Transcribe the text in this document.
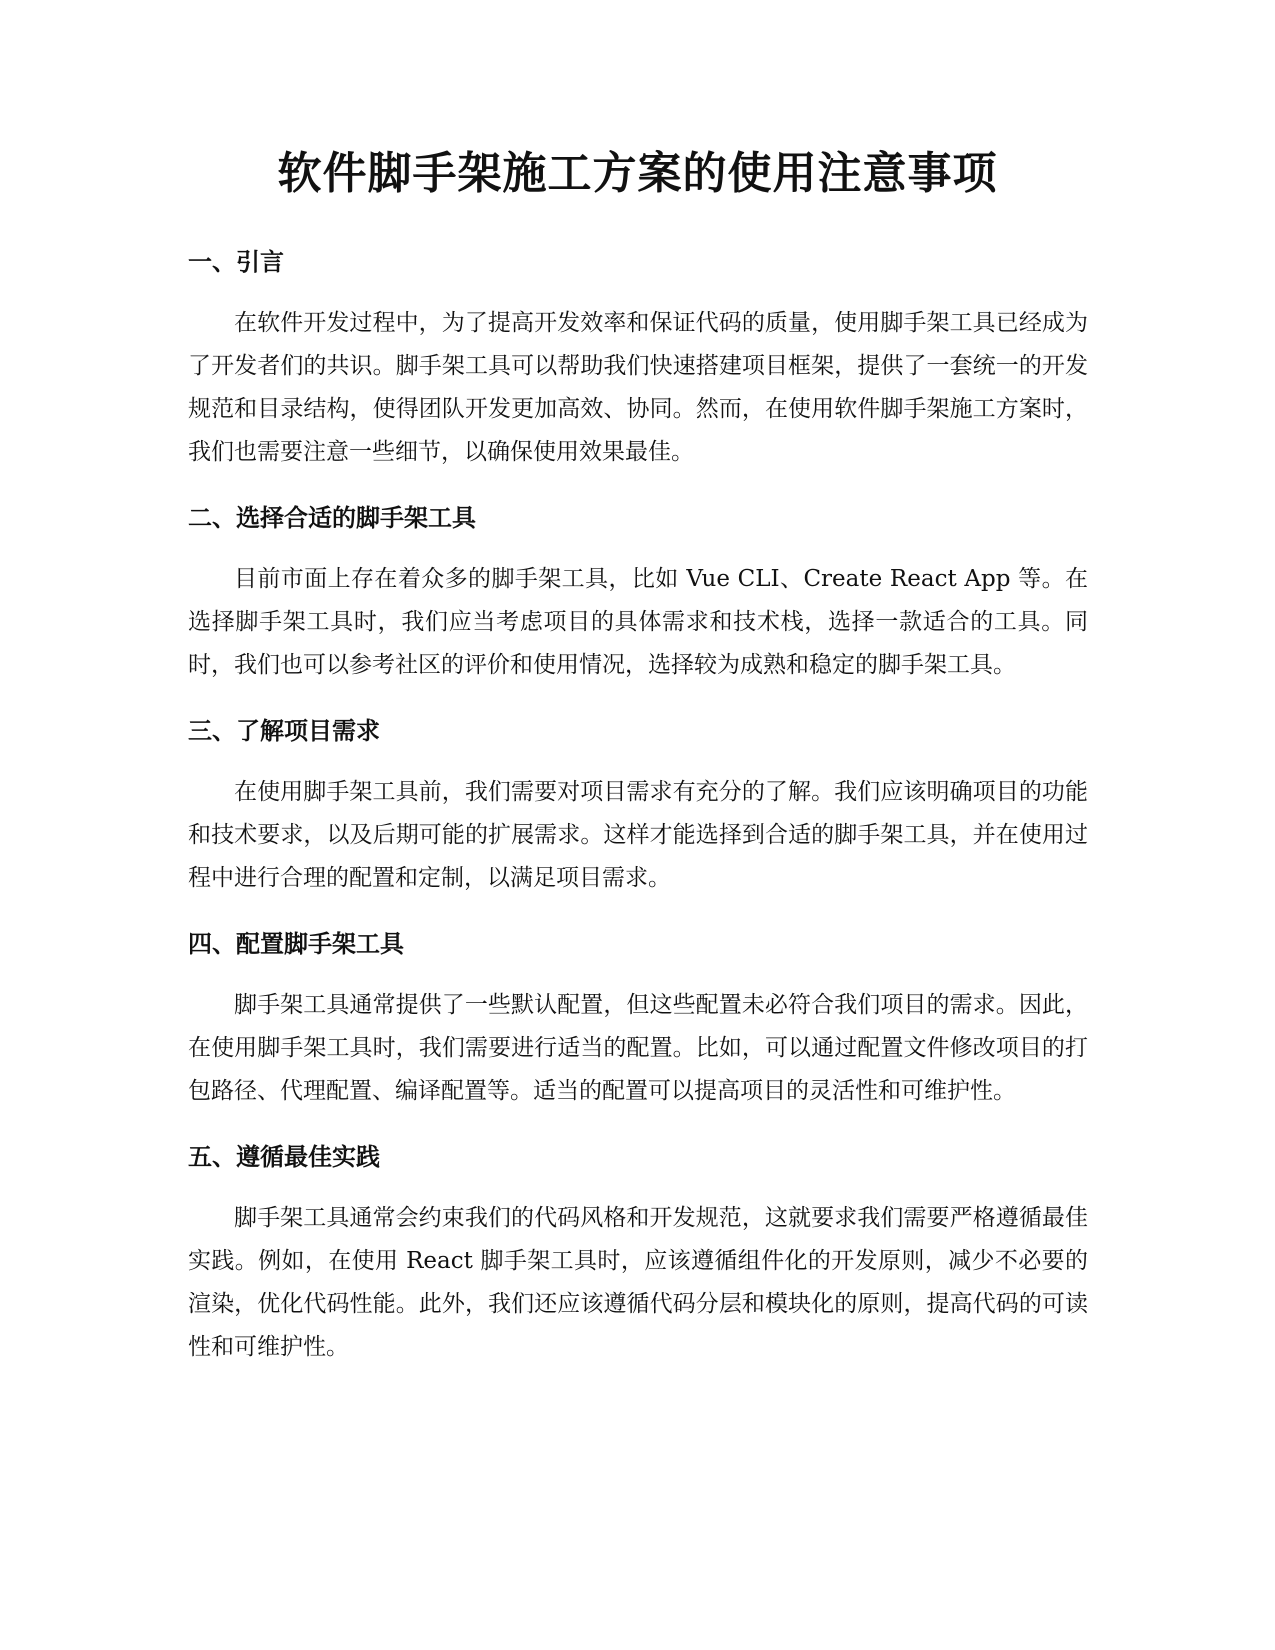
软件脚手架施工方案的使用注意事项
一、引言

在软件开发过程中，为了提高开发效率和保证代码的质量，使用脚手架工具已经成为了开发者们的共识。脚手架工具可以帮助我们快速搭建项目框架，提供了一套统一的开发规范和目录结构，使得团队开发更加高效、协同。然而，在使用软件脚手架施工方案时，我们也需要注意一些细节，以确保使用效果最佳。

二、选择合适的脚手架工具

目前市面上存在着众多的脚手架工具，比如 Vue CLI、Create React App 等。在选择脚手架工具时，我们应当考虑项目的具体需求和技术栈，选择一款适合的工具。同时，我们也可以参考社区的评价和使用情况，选择较为成熟和稳定的脚手架工具。

三、了解项目需求

在使用脚手架工具前，我们需要对项目需求有充分的了解。我们应该明确项目的功能和技术要求，以及后期可能的扩展需求。这样才能选择到合适的脚手架工具，并在使用过程中进行合理的配置和定制，以满足项目需求。

四、配置脚手架工具

脚手架工具通常提供了一些默认配置，但这些配置未必符合我们项目的需求。因此，在使用脚手架工具时，我们需要进行适当的配置。比如，可以通过配置文件修改项目的打包路径、代理配置、编译配置等。适当的配置可以提高项目的灵活性和可维护性。

五、遵循最佳实践

脚手架工具通常会约束我们的代码风格和开发规范，这就要求我们需要严格遵循最佳实践。例如，在使用 React 脚手架工具时，应该遵循组件化的开发原则，减少不必要的渲染，优化代码性能。此外，我们还应该遵循代码分层和模块化的原则，提高代码的可读性和可维护性。
